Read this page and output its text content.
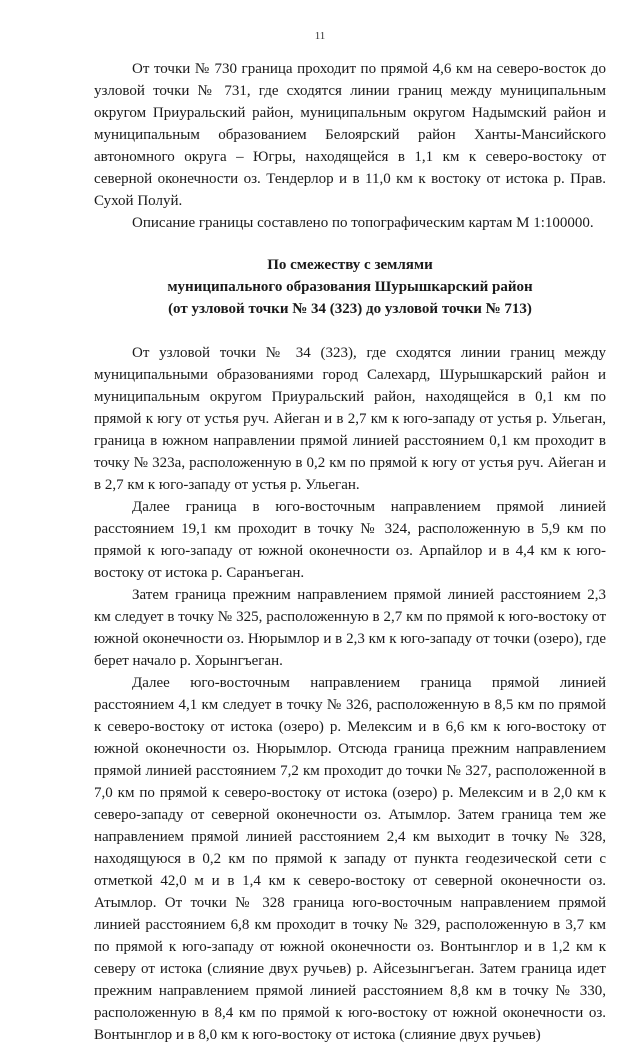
11

От точки № 730 граница проходит по прямой 4,6 км на северо-восток до узловой точки № 731, где сходятся линии границ между муниципальным округом Приуральский район, муниципальным округом Надымский район и муниципальным образованием Белоярский район Ханты-Мансийского автономного округа – Югры, находящейся в 1,1 км к северо-востоку от северной оконечности оз. Тендерлор и в 11,0 км к востоку от истока р. Прав. Сухой Полуй.

Описание границы составлено по топографическим картам М 1:100000.

По смежеству с землями
муниципального образования Шурышкарский район
(от узловой точки № 34 (323) до узловой точки № 713)

От узловой точки № 34 (323), где сходятся линии границ между муниципальными образованиями город Салехард, Шурышкарский район и муниципальным округом Приуральский район, находящейся в 0,1 км по прямой к югу от устья руч. Айеган и в 2,7 км к юго-западу от устья р. Ульеган, граница в южном направлении прямой линией расстоянием 0,1 км проходит в точку № 323а, расположенную в 0,2 км по прямой к югу от устья руч. Айеган и в 2,7 км к юго-западу от устья р. Ульеган.

Далее граница в юго-восточным направлением прямой линией расстоянием 19,1 км проходит в точку № 324, расположенную в 5,9 км по прямой к юго-западу от южной оконечности оз. Арпайлор и в 4,4 км к юго-востоку от истока р. Саранъеган.

Затем граница прежним направлением прямой линией расстоянием 2,3 км следует в точку № 325, расположенную в 2,7 км по прямой к юго-востоку от южной оконечности оз. Нюрымлор и в 2,3 км к юго-западу от точки (озеро), где берет начало р. Хорынгъеган.

Далее юго-восточным направлением граница прямой линией расстоянием 4,1 км следует в точку № 326, расположенную в 8,5 км по прямой к северо-востоку от истока (озеро) р. Мелексим и в 6,6 км к юго-востоку от южной оконечности оз. Нюрымлор. Отсюда граница прежним направлением прямой линией расстоянием 7,2 км проходит до точки № 327, расположенной в 7,0 км по прямой к северо-востоку от истока (озеро) р. Мелексим и в 2,0 км к северо-западу от северной оконечности оз. Атымлор. Затем граница тем же направлением прямой линией расстоянием 2,4 км выходит в точку № 328, находящуюся в 0,2 км по прямой к западу от пункта геодезической сети с отметкой 42,0 м и в 1,4 км к северо-востоку от северной оконечности оз. Атымлор. От точки № 328 граница юго-восточным направлением прямой линией расстоянием 6,8 км проходит в точку № 329, расположенную в 3,7 км по прямой к юго-западу от южной оконечности оз. Вонтынглор и в 1,2 км к северу от истока (слияние двух ручьев) р. Айсезынгъеган. Затем граница идет прежним направлением прямой линией расстоянием 8,8 км в точку № 330, расположенную в 8,4 км по прямой к юго-востоку от южной оконечности оз. Вонтынглор и в 8,0 км к юго-востоку от истока (слияние двух ручьев)
